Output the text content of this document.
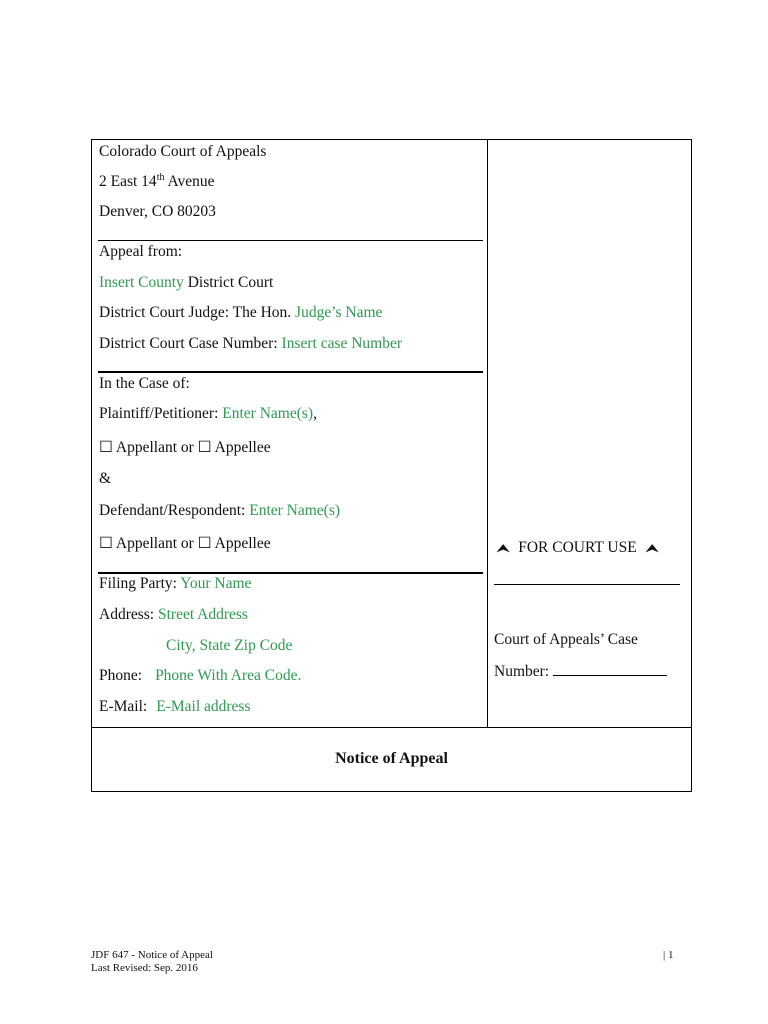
Colorado Court of Appeals
2 East 14th Avenue
Denver, CO 80203
Appeal from:
Insert County District Court
District Court Judge: The Hon. Judge’s Name
District Court Case Number: Insert case Number
In the Case of:
Plaintiff/Petitioner: Enter Name(s),
☐ Appellant or ☐ Appellee
&
Defendant/Respondent: Enter Name(s)
☐ Appellant or ☐ Appellee
Filing Party: Your Name
Address: Street Address
City, State Zip Code
Phone: Phone With Area Code.
E-Mail: E-Mail address
⮝ FOR COURT USE ⮝
Court of Appeals’ Case
Number:
Notice of Appeal
JDF 647 - Notice of Appeal
Last Revised: Sep. 2016
| 1
